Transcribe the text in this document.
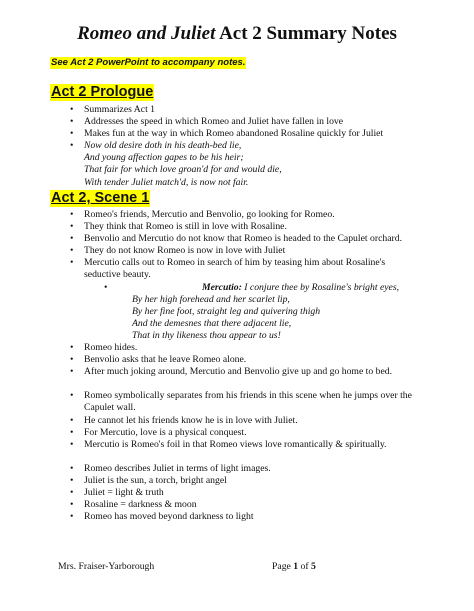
Romeo and Juliet Act 2 Summary Notes
See Act 2 PowerPoint to accompany notes.
Act 2 Prologue
• Summarizes Act 1
• Addresses the speed in which Romeo and Juliet have fallen in love
• Makes fun at the way in which Romeo abandoned Rosaline quickly for Juliet
• Now old desire doth in his death-bed lie,
And young affection gapes to be his heir;
That fair for which love groan'd for and would die,
With tender Juliet match'd, is now not fair.
Act 2, Scene 1
• Romeo's friends, Mercutio and Benvolio, go looking for Romeo.
• They think that Romeo is still in love with Rosaline.
• Benvolio and Mercutio do not know that Romeo is headed to the Capulet orchard.
• They do not know Romeo is now in love with Juliet
• Mercutio calls out to Romeo in search of him by teasing him about Rosaline's seductive beauty.
•	Mercutio: I conjure thee by Rosaline's bright eyes,
By her high forehead and her scarlet lip,
By her fine foot, straight leg and quivering thigh
And the demesnes that there adjacent lie,
That in thy likeness thou appear to us!
• Romeo hides.
• Benvolio asks that he leave Romeo alone.
• After much joking around, Mercutio and Benvolio give up and go home to bed.
• Romeo symbolically separates from his friends in this scene when he jumps over the Capulet wall.
• He cannot let his friends know he is in love with Juliet.
• For Mercutio, love is a physical conquest.
• Mercutio is Romeo's foil in that Romeo views love romantically & spiritually.
• Romeo describes Juliet in terms of light images.
• Juliet is the sun, a torch, bright angel
• Juliet = light & truth
• Rosaline = darkness & moon
• Romeo has moved beyond darkness to light
Mrs. Fraiser-Yarborough	Page 1 of 5
